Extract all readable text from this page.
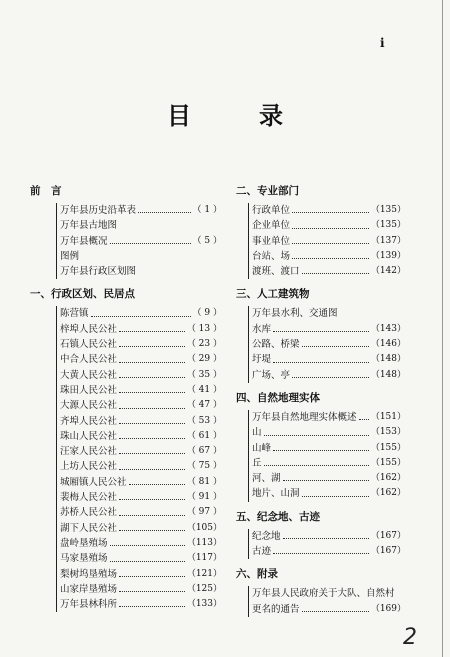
i
目　录
前　言
万年县历史沿革表	（ 1 ）
万年县古地图
万年县概况	（ 5 ）
图例
万年县行政区划图
一、行政区划、民居点
陈营镇	（ 9 ）
梓埠人民公社	（ 13 ）
石镇人民公社	（ 23 ）
中合人民公社	（ 29 ）
大黄人民公社	（ 35 ）
珠田人民公社	（ 41 ）
大源人民公社	（ 47 ）
齐埠人民公社	（ 53 ）
珠山人民公社	（ 61 ）
汪家人民公社	（ 67 ）
上坊人民公社	（ 75 ）
城厢镇人民公社	（ 81 ）
裴梅人民公社	（ 91 ）
苏桥人民公社	（ 97 ）
湖下人民公社	（105）
盘岭垦殖场	（113）
马家垦殖场	（117）
梨树坞垦殖场	（121）
山家岸垦殖场	（125）
万年县林科所	（133）
二、专业部门
行政单位	（135）
企业单位	（135）
事业单位	（137）
台站、场	（139）
渡班、渡口	（142）
三、人工建筑物
万年县水利、交通图
水库	（143）
公路、桥梁	（146）
圩堤	（148）
广场、亭	（148）
四、自然地理实体
万年县自然地理实体概述 （151）
山	（153）
山峰	（155）
丘	（155）
河、湖	（162）
地片、山洞	（162）
五、纪念地、古迹
纪念地	（167）
古迹	（167）
六、附录
万年县人民政府关于大队、自然村
更名的通告	（169）
2
